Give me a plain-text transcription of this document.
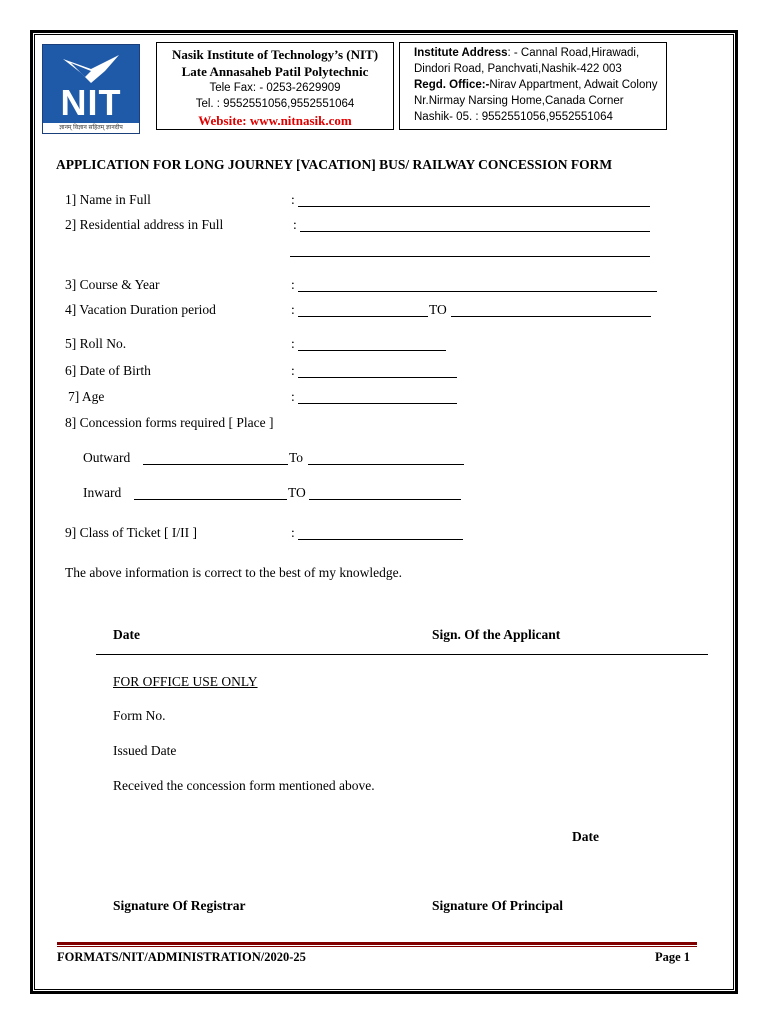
NIT
ज्ञानम् विज्ञान सहितम् ज्ञानदीप
Nasik Institute of Technology’s (NIT)
Late Annasaheb Patil Polytechnic
Tele Fax: - 0253-2629909
Tel. : 9552551056,9552551064
Website: www.nitnasik.com
Institute Address: - Cannal Road,Hirawadi,
Dindori Road, Panchvati,Nashik-422 003
Regd. Office:-Nirav Appartment, Adwait Colony
Nr.Nirmay Narsing Home,Canada Corner
Nashik- 05. : 9552551056,9552551064
APPLICATION FOR LONG JOURNEY [VACATION] BUS/ RAILWAY CONCESSION FORM
1] Name in Full	:
2] Residential address in Full	:
3] Course & Year	:
4] Vacation Duration period	:	TO
5] Roll No.	:
6] Date of Birth	:
7] Age	:
8] Concession forms required [ Place ]
Outward	To
Inward	TO
9] Class of Ticket [ I/II ]	:
The above information is correct to the best of my knowledge.
Date	Sign. Of the Applicant
FOR OFFICE USE ONLY
Form No.
Issued Date
Received the concession form mentioned above.
Date
Signature Of Registrar	Signature Of Principal
FORMATS/NIT/ADMINISTRATION/2020-25	Page 1
